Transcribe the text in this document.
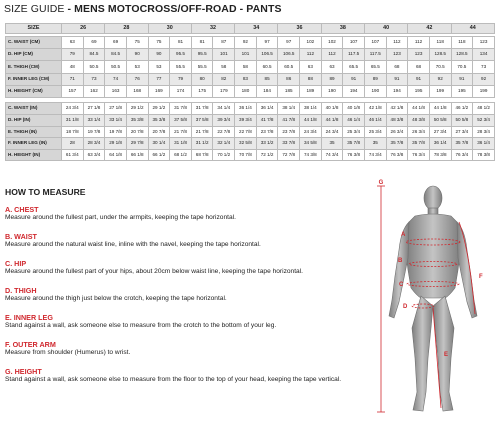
SIZE GUIDE - MENS MOTOCROSS/OFF-ROAD - PANTS
SIZE	26		28		30		32		34		36		38		40		42		44	

C. WAIST (CM)	63	69	69	75	75	81	81	87	92	97	97	102	102	107	107	112	112	118	118	123
D. HIP (CM)	79	84.5	84.5	90	90	95.5	95.5	101	101	106.5	106.5	112	112	117.5	117.5	123	123	128.5	128.5	134
E. THIGH (CM)	48	50.5	50.5	53	53	55.5	55.5	58	58	60.5	60.5	63	63	65.5	65.5	68	68	70.5	70.5	73
F. INNER LEG (CM)	71	73	74	76	77	79	80	82	83	85	86	88	89	91	89	91	91	92	91	92
H. HEIGHT (CM)	157	162	163	168	169	174	175	179	180	184	185	189	190	194	190	194	195	199	195	199

C. WAIST (IN)	24 3/4	27 1/8	27 1/8	29 1/2	29 1/2	31 7/8	31 7/8	34 1/4	36 1/4	36 1/4	38 1/4	38 1/4	40 1/8	40 1/8	42 1/8	42 1/8	44 1/8	44 1/8	46 1/2	48 1/2
D. HIP (IN)	31 1/8	33 1/4	33 1/4	35 3/8	35 3/8	37 5/8	37 5/8	39 3/4	39 3/4	41 7/8	41 7/8	44 1/8	44 1/8	46 1/4	46 1/4	48 3/8	48 3/8	50 5/8	50 5/8	52 3/4
E. THIGH (IN)	18 7/8	19 7/8	19 7/8	20 7/8	20 7/8	21 7/8	21 7/8	22 7/8	22 7/8	23 7/8	23 7/8	24 3/4	24 3/4	25 3/4	25 3/4	26 3/4	26 3/4	27 3/4	27 3/4	28 3/4
F. INNER LEG (IN)	28	28 3/4	29 1/8	29 7/8	30 1/4	31 1/8	31 1/2	32 1/4	32 5/8	33 1/2	33 7/8	34 5/8	35	35 7/8	35	35 7/8	35 7/8	36 1/4	35 7/8	36 1/4
H. HEIGHT (IN)	61 3/4	63 3/4	64 1/8	66 1/8	66 1/2	68 1/2	68 7/8	70 1/2	70 7/8	72 1/2	72 7/8	74 3/8	74 3/4	76 3/8	74 3/4	76 3/8	76 3/4	78 3/8	76 3/4	78 3/8
HOW TO MEASURE
A. CHEST
Measure around the fullest part, under the armpits, keeping the tape horizontal.
B. WAIST
Measure around the natural waist line, inline with the navel, keeping the tape horizontal.
C. HIP
Measure around the fullest part of your hips, about 20cm below waist line, keeping the tape horizontal.
D. THIGH
Measure around the thigh just below the crotch, keeping the tape horizontal.
E. INNER LEG
Stand against a wall, ask someone else to measure from the crotch to the bottom of your leg.
F. OUTER ARM
Measure from shoulder (Humerus) to wrist.
G. HEIGHT
Stand against a wall, ask someone else to measure from the floor to the top of your head, keeping the tape vertical.
G
A
B
C
D
E
F
